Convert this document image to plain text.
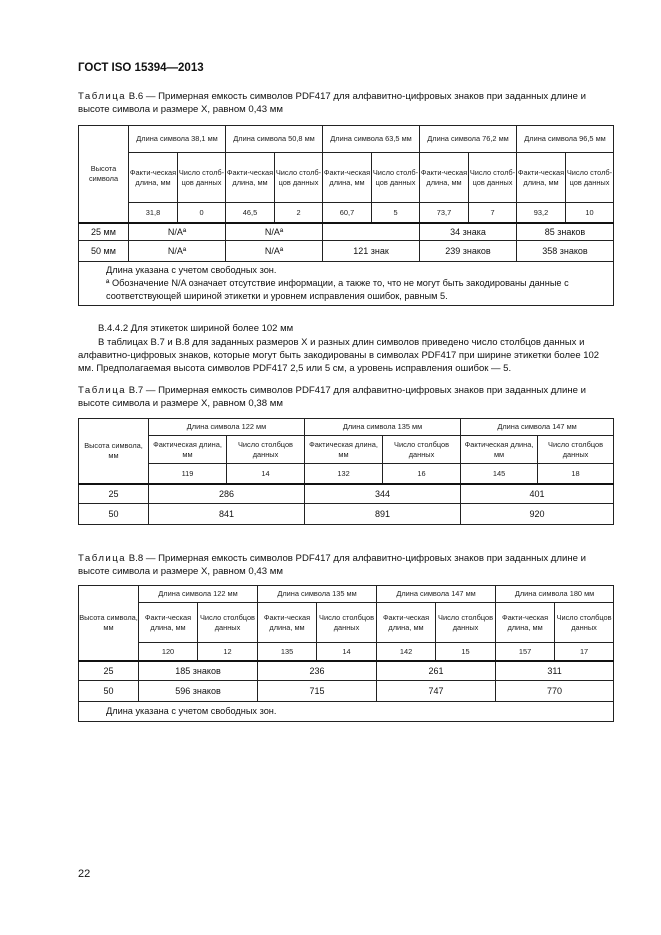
ГОСТ ISO 15394—2013
Таблица В.6 — Примерная емкость символов PDF417 для алфавитно-цифровых знаков при заданных длине и высоте символа и размере X, равном 0,43 мм
Высота символа	Длина символа 38,1 мм		Длина символа 50,8 мм		Длина символа 63,5 мм		Длина символа 76,2 мм		Длина символа 96,5 мм	
	Факти-ческая длина, мм	Число столб-цов данных	Факти-ческая длина, мм	Число столб-цов данных	Факти-ческая длина, мм	Число столб-цов данных	Факти-ческая длина, мм	Число столб-цов данных	Факти-ческая длина, мм	Число столб-цов данных
	31,8	0	46,5	2	60,7	5	73,7	7	93,2	10
25 мм	N/Aª		N/Aª				34 знака		85 знаков	
50 мм	N/Aª		N/Aª		121 знак		239 знаков		358 знаков	

Длина указана с учетом свободных зон.
ª Обозначение N/A означает отсутствие информации, а также то, что не могут быть закодированы данные с соответствующей шириной этикетки и уровнем исправления ошибок, равным 5.										
В.4.4.2 Для этикеток шириной более 102 мм
В таблицах В.7 и В.8 для заданных размеров X и разных длин символов приведено число столбцов данных и алфавитно-цифровых знаков, которые могут быть закодированы в символах PDF417 при ширине этикетки более 102 мм. Предполагаемая высота символов PDF417 2,5 или 5 см, а уровень исправления ошибок — 5.
Таблица В.7 — Примерная емкость символов PDF417 для алфавитно-цифровых знаков при заданных длине и высоте символа и размере X, равном 0,38 мм
Высота символа, мм	Длина символа 122 мм		Длина символа 135 мм		Длина символа 147 мм	
	Фактическая длина, мм	Число столбцов данных	Фактическая длина, мм	Число столбцов данных	Фактическая длина, мм	Число столбцов данных
	119	14	132	16	145	18
25	286		344		401	
50	841		891		920	
Таблица В.8 — Примерная емкость символов PDF417 для алфавитно-цифровых знаков при заданных длине и высоте символа и размере X, равном 0,43 мм
Высота символа, мм	Длина символа 122 мм		Длина символа 135 мм		Длина символа 147 мм		Длина символа 180 мм	
	Факти-ческая длина, мм	Число столбцов данных	Факти-ческая длина, мм	Число столбцов данных	Факти-ческая длина, мм	Число столбцов данных	Факти-ческая длина, мм	Число столбцов данных
	120	12	135	14	142	15	157	17
25	185 знаков		236		261		311	
50	596 знаков		715		747		770	
Длина указана с учетом свободных зон.								
22
